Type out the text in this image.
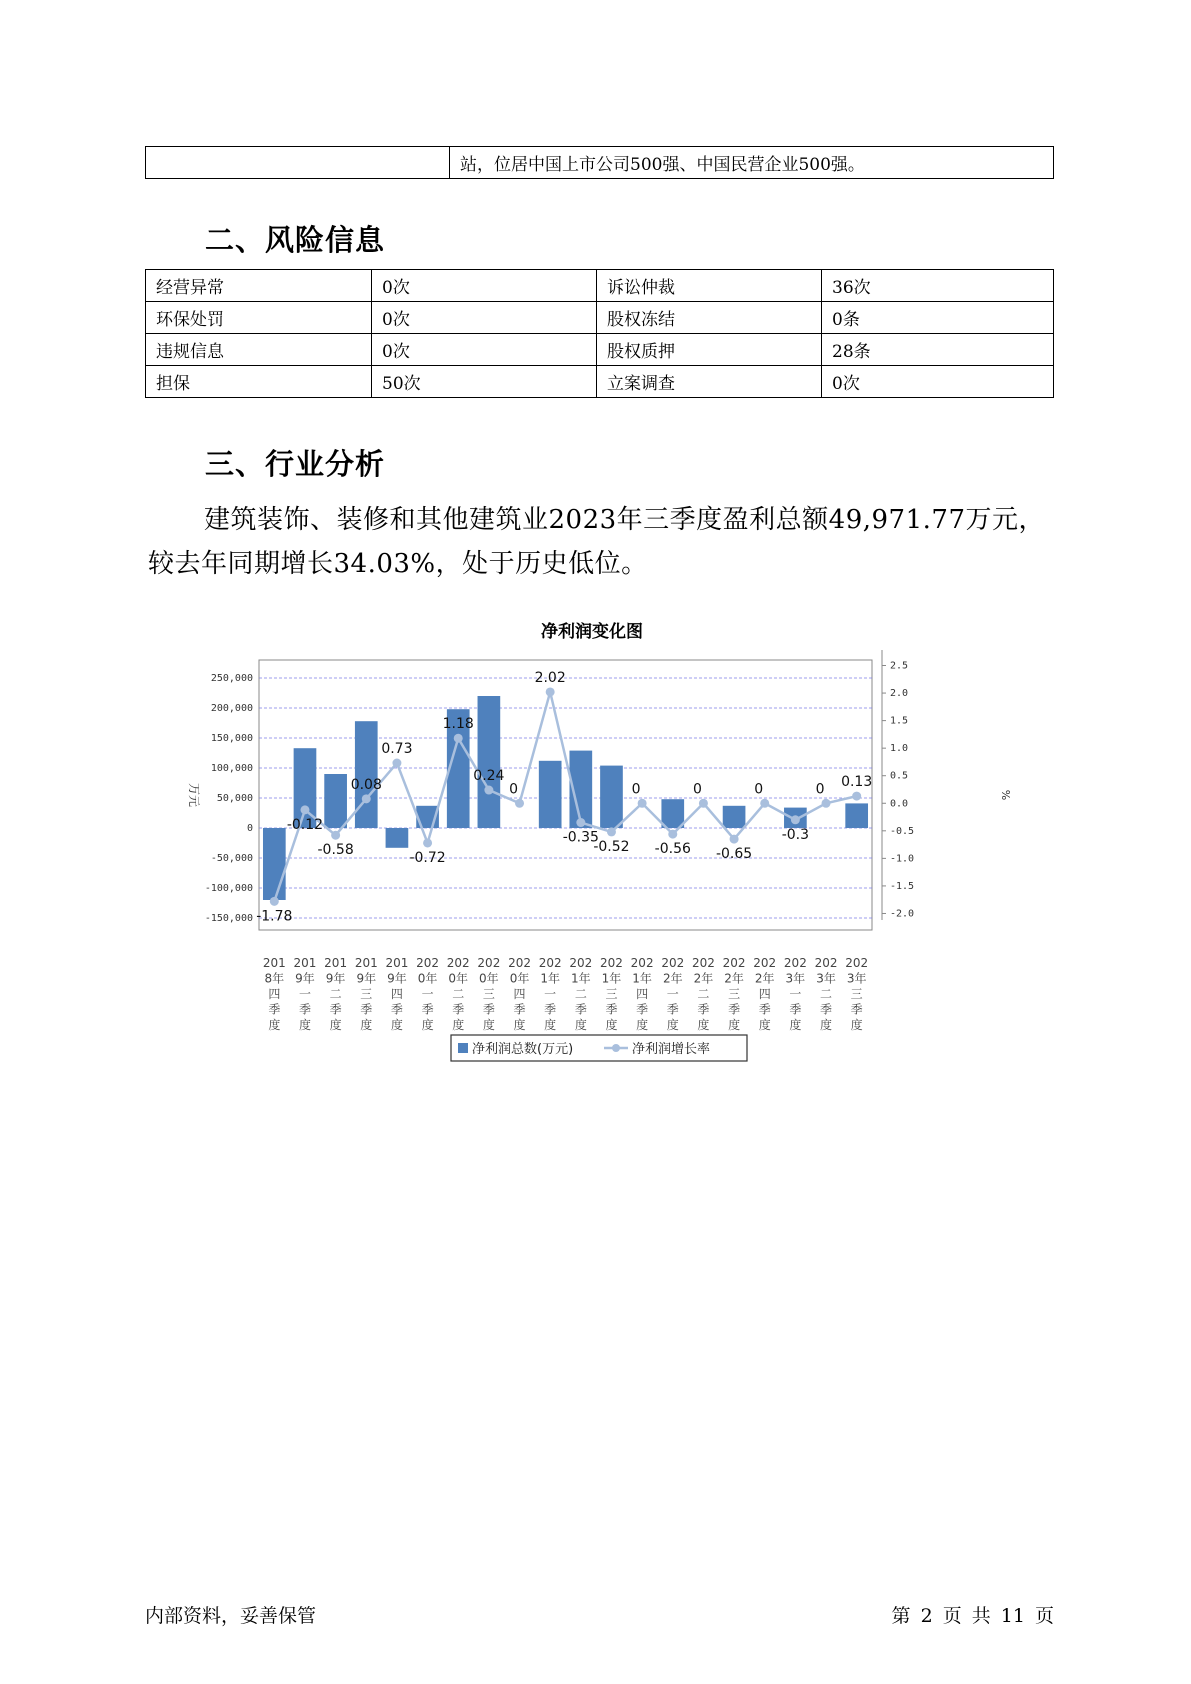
	站，位居中国上市公司500强、中国民营企业500强。
二、风险信息
经营异常	0次	诉讼仲裁	36次
环保处罚	0次	股权冻结	0条
违规信息	0次	股权质押	28条
担保	50次	立案调查	0次
三、行业分析

建筑装饰、装修和其他建筑业2023年三季度盈利总额49,971.77万元，较去年同期增长34.03%，处于历史低位。

净利润变化图
-1.78
-0.12
-0.58
0.08
0.73
-0.72
1.18
0.24
0
2.02
-0.35
-0.52
0
-0.56
0
-0.65
0
-0.3
0 0.13
-150,000
-100,000
-50,000
0
50,000
100,000
150,000
200,000
250,000
-2.0
-1.5
-1.0
-0.5
0.0
0.5
1.0
1.5
2.0
2.5
万元	%
201 8年四季度
201 9年一季度
201 9年二季度
201 9年三季度
201 9年四季度
202 0年一季度
202 0年二季度
202 0年三季度
202 0年四季度
202 1年一季度
202 1年二季度
202 1年三季度
202 1年四季度
202 2年一季度
202 2年二季度
202 2年三季度
202 2年四季度
202 3年一季度
202 3年二季度
202 3年三季度
净利润总数(万元)	净利润增长率
内部资料，妥善保管	第 2 页 共 11 页
